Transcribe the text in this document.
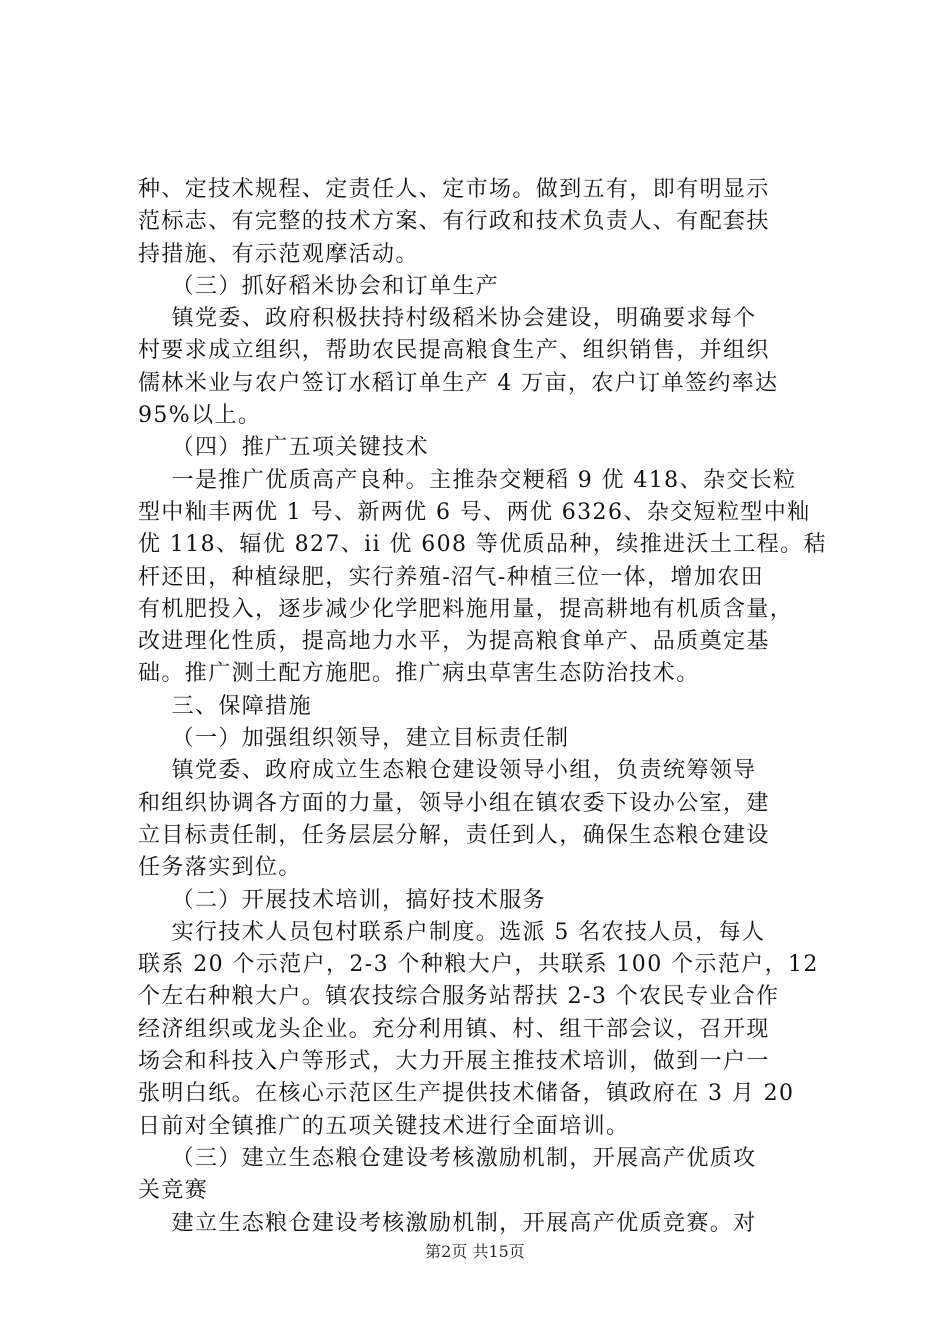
种、定技术规程、定责任人、定市场。做到五有，即有明显示
范标志、有完整的技术方案、有行政和技术负责人、有配套扶
持措施、有示范观摩活动。
（三）抓好稻米协会和订单生产
镇党委、政府积极扶持村级稻米协会建设，明确要求每个
村要求成立组织，帮助农民提高粮食生产、组织销售，并组织
儒林米业与农户签订水稻订单生产 4 万亩，农户订单签约率达
95%以上。
（四）推广五项关键技术
一是推广优质高产良种。主推杂交粳稻 9 优 418、杂交长粒
型中籼丰两优 1 号、新两优 6 号、两优 6326、杂交短粒型中籼
优 118、辐优 827、ii 优 608 等优质品种，续推进沃土工程。秸
杆还田，种植绿肥，实行养殖-沼气-种植三位一体，增加农田
有机肥投入，逐步减少化学肥料施用量，提高耕地有机质含量，
改进理化性质，提高地力水平，为提高粮食单产、品质奠定基
础。推广测土配方施肥。推广病虫草害生态防治技术。
三、保障措施
（一）加强组织领导，建立目标责任制
镇党委、政府成立生态粮仓建设领导小组，负责统筹领导
和组织协调各方面的力量，领导小组在镇农委下设办公室，建
立目标责任制，任务层层分解，责任到人，确保生态粮仓建设
任务落实到位。
（二）开展技术培训，搞好技术服务
实行技术人员包村联系户制度。选派 5 名农技人员，每人
联系 20 个示范户，2-3 个种粮大户，共联系 100 个示范户，12
个左右种粮大户。镇农技综合服务站帮扶 2-3 个农民专业合作
经济组织或龙头企业。充分利用镇、村、组干部会议，召开现
场会和科技入户等形式，大力开展主推技术培训，做到一户一
张明白纸。在核心示范区生产提供技术储备，镇政府在 3 月 20
日前对全镇推广的五项关键技术进行全面培训。
（三）建立生态粮仓建设考核激励机制，开展高产优质攻
关竞赛
建立生态粮仓建设考核激励机制，开展高产优质竞赛。对
第2页 共15页
